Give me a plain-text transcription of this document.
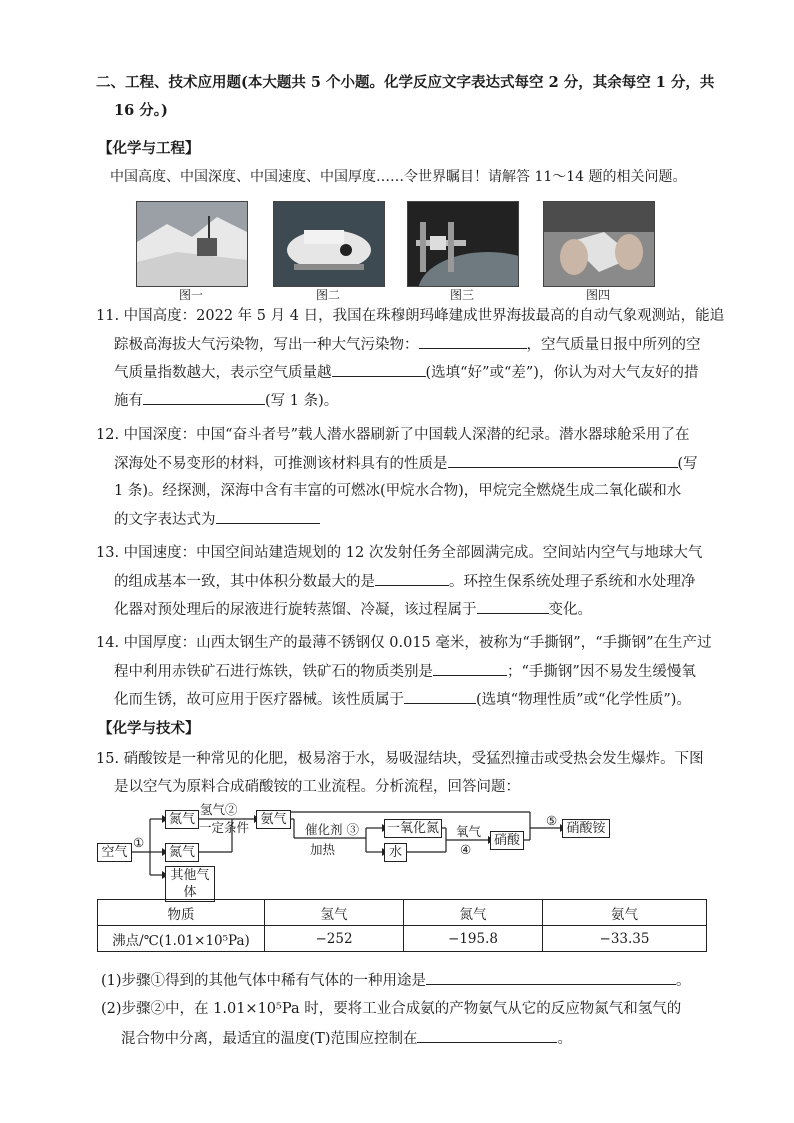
二、工程、技术应用题(本大题共 5 个小题。化学反应文字表达式每空 2 分，其余每空 1 分，共
16 分。)
【化学与工程】
中国高度、中国深度、中国速度、中国厚度……令世界瞩目！请解答 11～14 题的相关问题。
图一	图二	图三	图四
11. 中国高度：2022 年 5 月 4 日，我国在珠穆朗玛峰建成世界海拔最高的自动气象观测站，能追
踪极高海拔大气污染物，写出一种大气污染物：	，空气质量日报中所列的空
气质量指数越大，表示空气质量越	(选填“好”或“差”)，你认为对大气友好的措
施有	(写 1 条)。
12. 中国深度：中国“奋斗者号”载人潜水器刷新了中国载人深潜的纪录。潜水器球舱采用了在
深海处不易变形的材料，可推测该材料具有的性质是	(写
1 条)。经探测，深海中含有丰富的可燃冰(甲烷水合物)，甲烷完全燃烧生成二氧化碳和水
的文字表达式为
13. 中国速度：中国空间站建造规划的 12 次发射任务全部圆满完成。空间站内空气与地球大气
的组成基本一致，其中体积分数最大的是	。环控生保系统处理子系统和水处理净
化器对预处理后的尿液进行旋转蒸馏、冷凝，该过程属于	变化。
14. 中国厚度：山西太钢生产的最薄不锈钢仅 0.015 毫米，被称为“手撕钢”，“手撕钢”在生产过
程中利用赤铁矿石进行炼铁，铁矿石的物质类别是	；“手撕钢”因不易发生缓慢氧
化而生锈，故可应用于医疗器械。该性质属于	(选填“物理性质”或“化学性质”)。
【化学与技术】
15. 硝酸铵是一种常见的化肥，极易溶于水，易吸湿结块，受猛烈撞击或受热会发生爆炸。下图
是以空气为原料合成硝酸铵的工业流程。分析流程，回答问题：
空气
①
氮气
氮气
其他气体
氢气②
一定条件
氨气
催化剂 ③
加热
一氧化氮
水
氧气
④
硝酸
⑤
硝酸铵
物质	氢气	氮气	氨气
沸点/℃(1.01×10⁵Pa)	−252	−195.8	−33.35
(1)步骤①得到的其他气体中稀有气体的一种用途是	。
(2)步骤②中，在 1.01×10⁵Pa 时，要将工业合成氨的产物氨气从它的反应物氮气和氢气的
混合物中分离，最适宜的温度(T)范围应控制在	。
